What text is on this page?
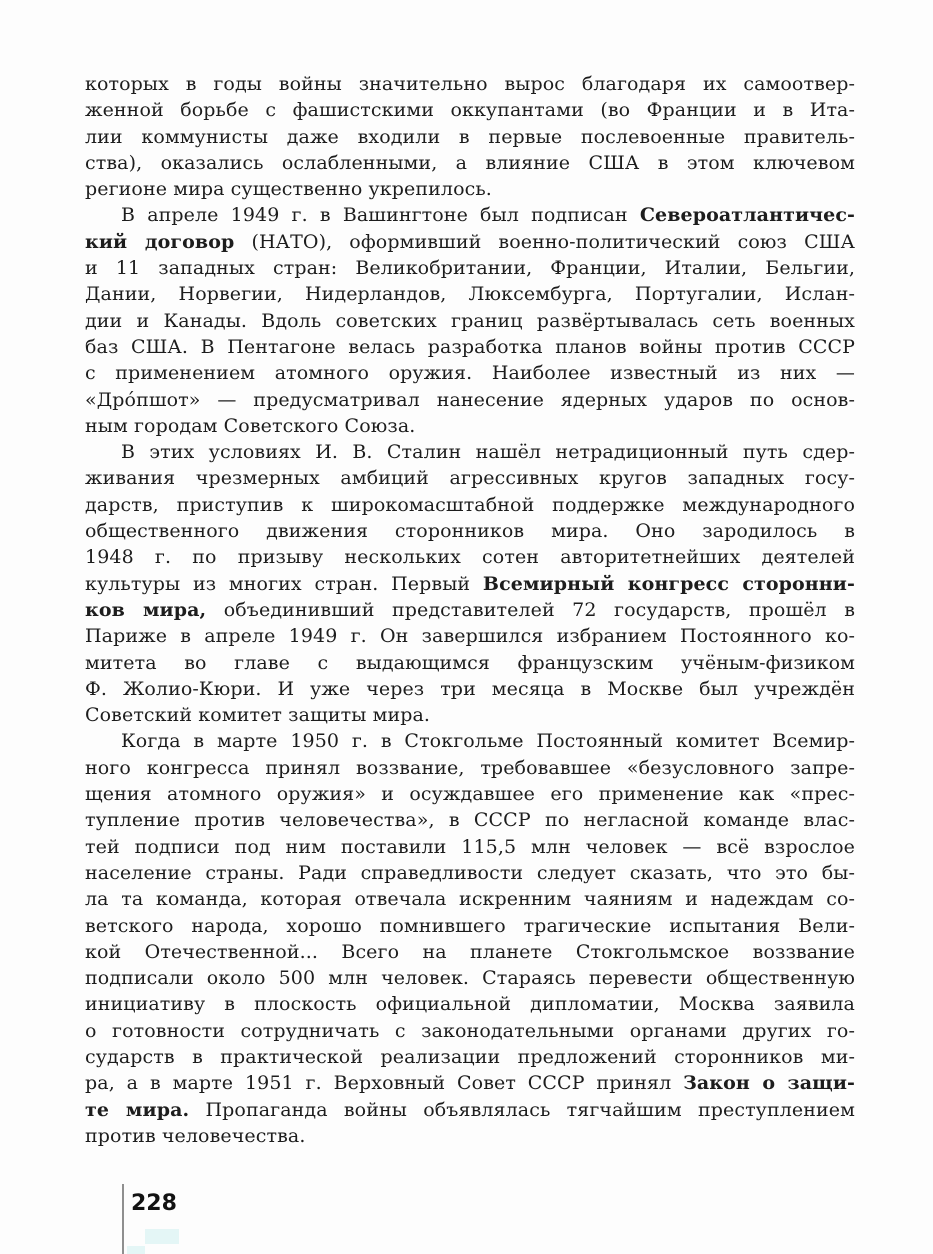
которых в годы войны значительно вырос благодаря их самоотвер-
женной борьбе с фашистскими оккупантами (во Франции и в Ита-
лии коммунисты даже входили в первые послевоенные правитель-
ства), оказались ослабленными, а влияние США в этом ключевом
регионе мира существенно укрепилось.
В апреле 1949 г. в Вашингтоне был подписан Североатлантичес-
кий договор (НАТО), оформивший военно-политический союз США
и 11 западных стран: Великобритании, Франции, Италии, Бельгии,
Дании, Норвегии, Нидерландов, Люксембурга, Португалии, Ислан-
дии и Канады. Вдоль советских границ развёртывалась сеть военных
баз США. В Пентагоне велась разработка планов войны против СССР
с применением атомного оружия. Наиболее известный из них —
«Дро́пшот» — предусматривал нанесение ядерных ударов по основ-
ным городам Советского Союза.
В этих условиях И. В. Сталин нашёл нетрадиционный путь сдер-
живания чрезмерных амбиций агрессивных кругов западных госу-
дарств, приступив к широкомасштабной поддержке международного
общественного движения сторонников мира. Оно зародилось в
1948 г. по призыву нескольких сотен авторитетнейших деятелей
культуры из многих стран. Первый Всемирный конгресс сторонни-
ков мира, объединивший представителей 72 государств, прошёл в
Париже в апреле 1949 г. Он завершился избранием Постоянного ко-
митета во главе с выдающимся французским учёным-физиком
Ф. Жолио-Кюри. И уже через три месяца в Москве был учреждён
Советский комитет защиты мира.
Когда в марте 1950 г. в Стокгольме Постоянный комитет Всемир-
ного конгресса принял воззвание, требовавшее «безусловного запре-
щения атомного оружия» и осуждавшее его применение как «прес-
тупление против человечества», в СССР по негласной команде влас-
тей подписи под ним поставили 115,5 млн человек — всё взрослое
население страны. Ради справедливости следует сказать, что это бы-
ла та команда, которая отвечала искренним чаяниям и надеждам со-
ветского народа, хорошо помнившего трагические испытания Вели-
кой Отечественной... Всего на планете Стокгольмское воззвание
подписали около 500 млн человек. Стараясь перевести общественную
инициативу в плоскость официальной дипломатии, Москва заявила
о готовности сотрудничать с законодательными органами других го-
сударств в практической реализации предложений сторонников ми-
ра, а в марте 1951 г. Верховный Совет СССР принял Закон о защи-
те мира. Пропаганда войны объявлялась тягчайшим преступлением
против человечества.
228
